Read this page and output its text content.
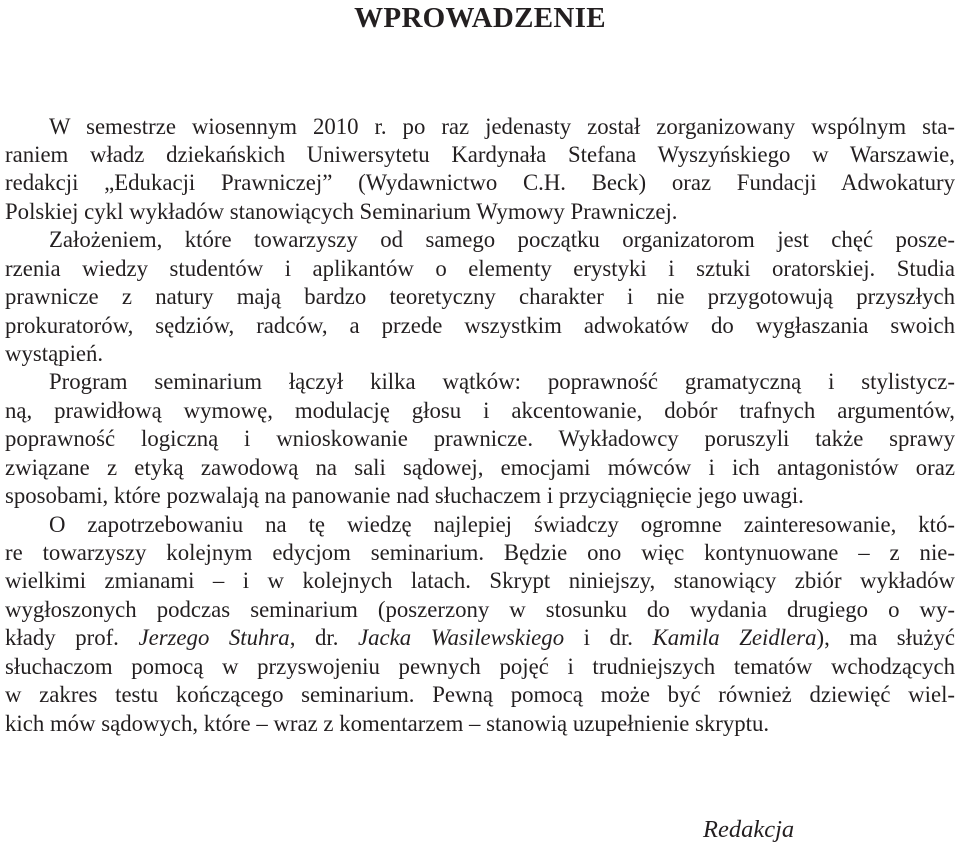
WPROWADZENIE

W semestrze wiosennym 2010 r. po raz jedenasty został zorganizowany wspólnym sta-

raniem władz dziekańskich Uniwersytetu Kardynała Stefana Wyszyńskiego w Warszawie,

redakcji „Edukacji Prawniczej” (Wydawnictwo C.H. Beck) oraz Fundacji Adwokatury

Polskiej cykl wykładów stanowiących Seminarium Wymowy Prawniczej.

Założeniem, które towarzyszy od samego początku organizatorom jest chęć posze-

rzenia wiedzy studentów i aplikantów o elementy erystyki i sztuki oratorskiej. Studia

prawnicze z natury mają bardzo teoretyczny charakter i nie przygotowują przyszłych

prokuratorów, sędziów, radców, a przede wszystkim adwokatów do wygłaszania swoich

wystąpień.

Program seminarium łączył kilka wątków: poprawność gramatyczną i stylistycz-

ną, prawidłową wymowę, modulację głosu i akcentowanie, dobór trafnych argumentów,

poprawność logiczną i wnioskowanie prawnicze. Wykładowcy poruszyli także sprawy

związane z etyką zawodową na sali sądowej, emocjami mówców i ich antagonistów oraz

sposobami, które pozwalają na panowanie nad słuchaczem i przyciągnięcie jego uwagi.

O zapotrzebowaniu na tę wiedzę najlepiej świadczy ogromne zainteresowanie, któ-

re towarzyszy kolejnym edycjom seminarium. Będzie ono więc kontynuowane – z nie-

wielkimi zmianami – i w kolejnych latach. Skrypt niniejszy, stanowiący zbiór wykładów

wygłoszonych podczas seminarium (poszerzony w stosunku do wydania drugiego o wy-

kłady prof. Jerzego Stuhra, dr. Jacka Wasilewskiego i dr. Kamila Zeidlera), ma służyć

słuchaczom pomocą w przyswojeniu pewnych pojęć i trudniejszych tematów wchodzących

w zakres testu kończącego seminarium. Pewną pomocą może być również dziewięć wiel-

kich mów sądowych, które – wraz z komentarzem – stanowią uzupełnienie skryptu.

Redakcja
